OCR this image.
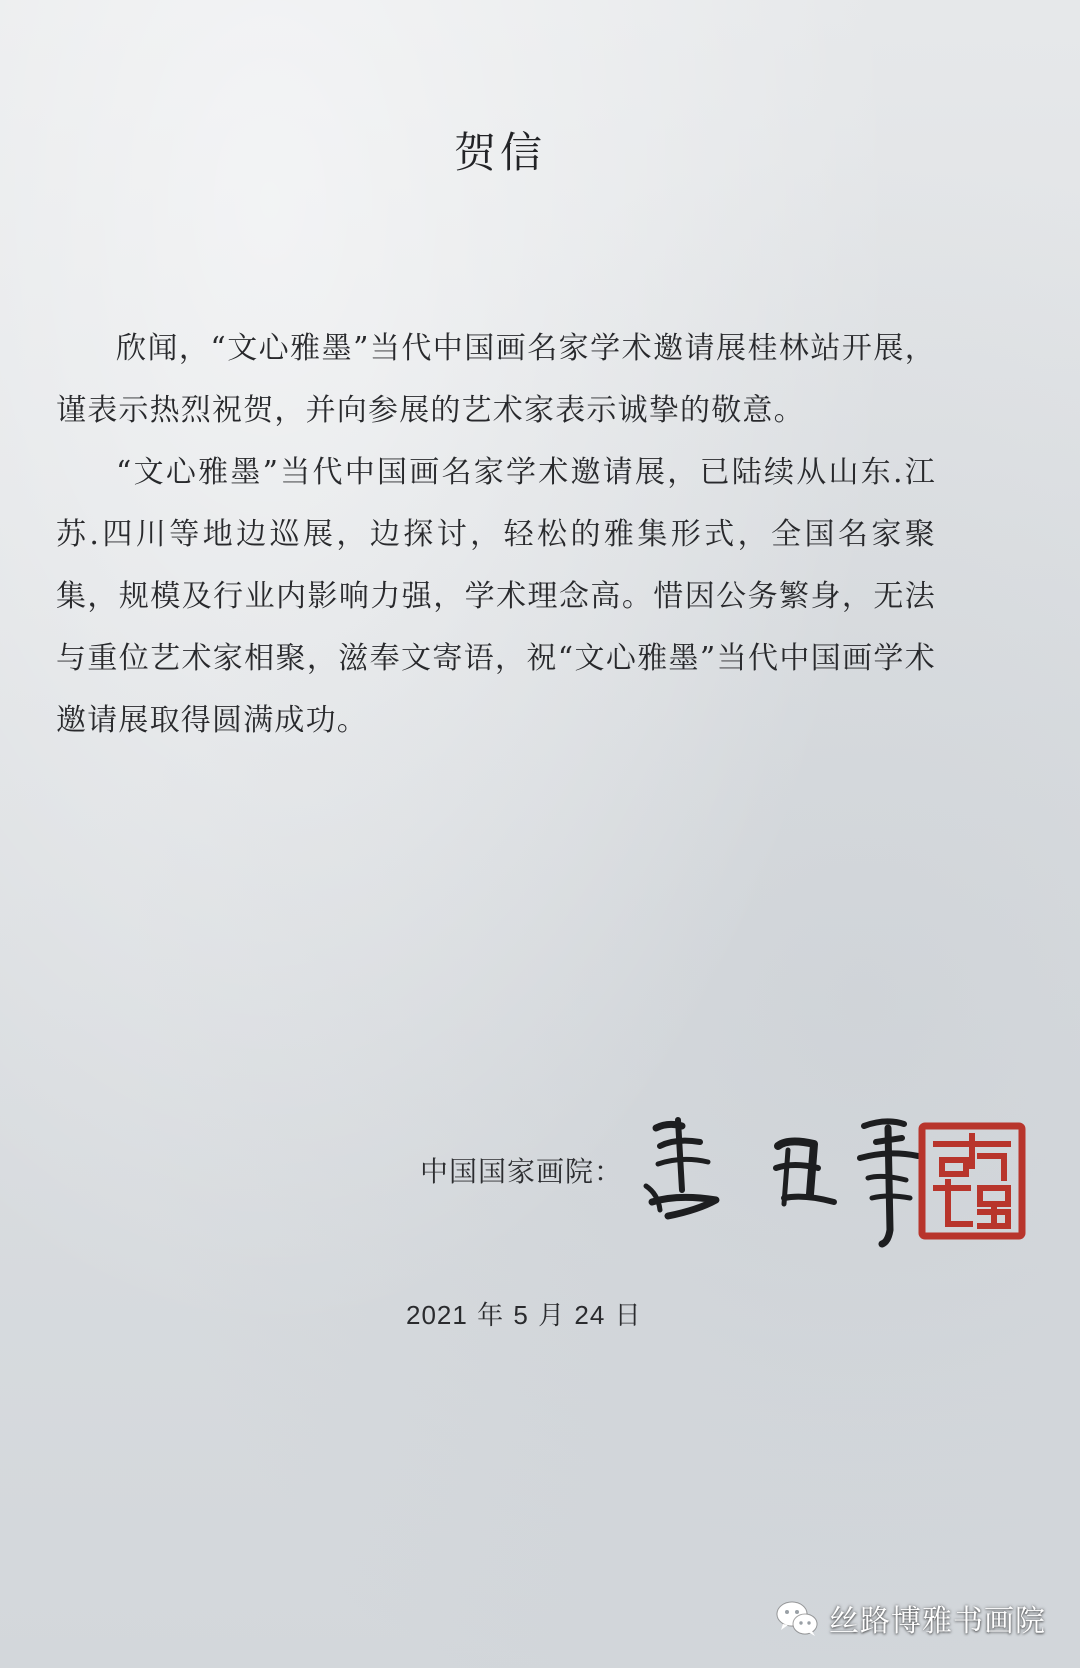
贺信

欣闻，“文心雅墨”当代中国画名家学术邀请展桂林站开展，谨表示热烈祝贺，并向参展的艺术家表示诚挚的敬意。

“文心雅墨”当代中国画名家学术邀请展，已陆续从山东.江苏.四川等地边巡展，边探讨，轻松的雅集形式，全国名家聚集，规模及行业内影响力强，学术理念高。惜因公务繁身，无法与重位艺术家相聚，滋奉文寄语，祝“文心雅墨”当代中国画学术邀请展取得圆满成功。

中国国家画院：
2021 年 5 月 24 日
丝路博雅书画院
